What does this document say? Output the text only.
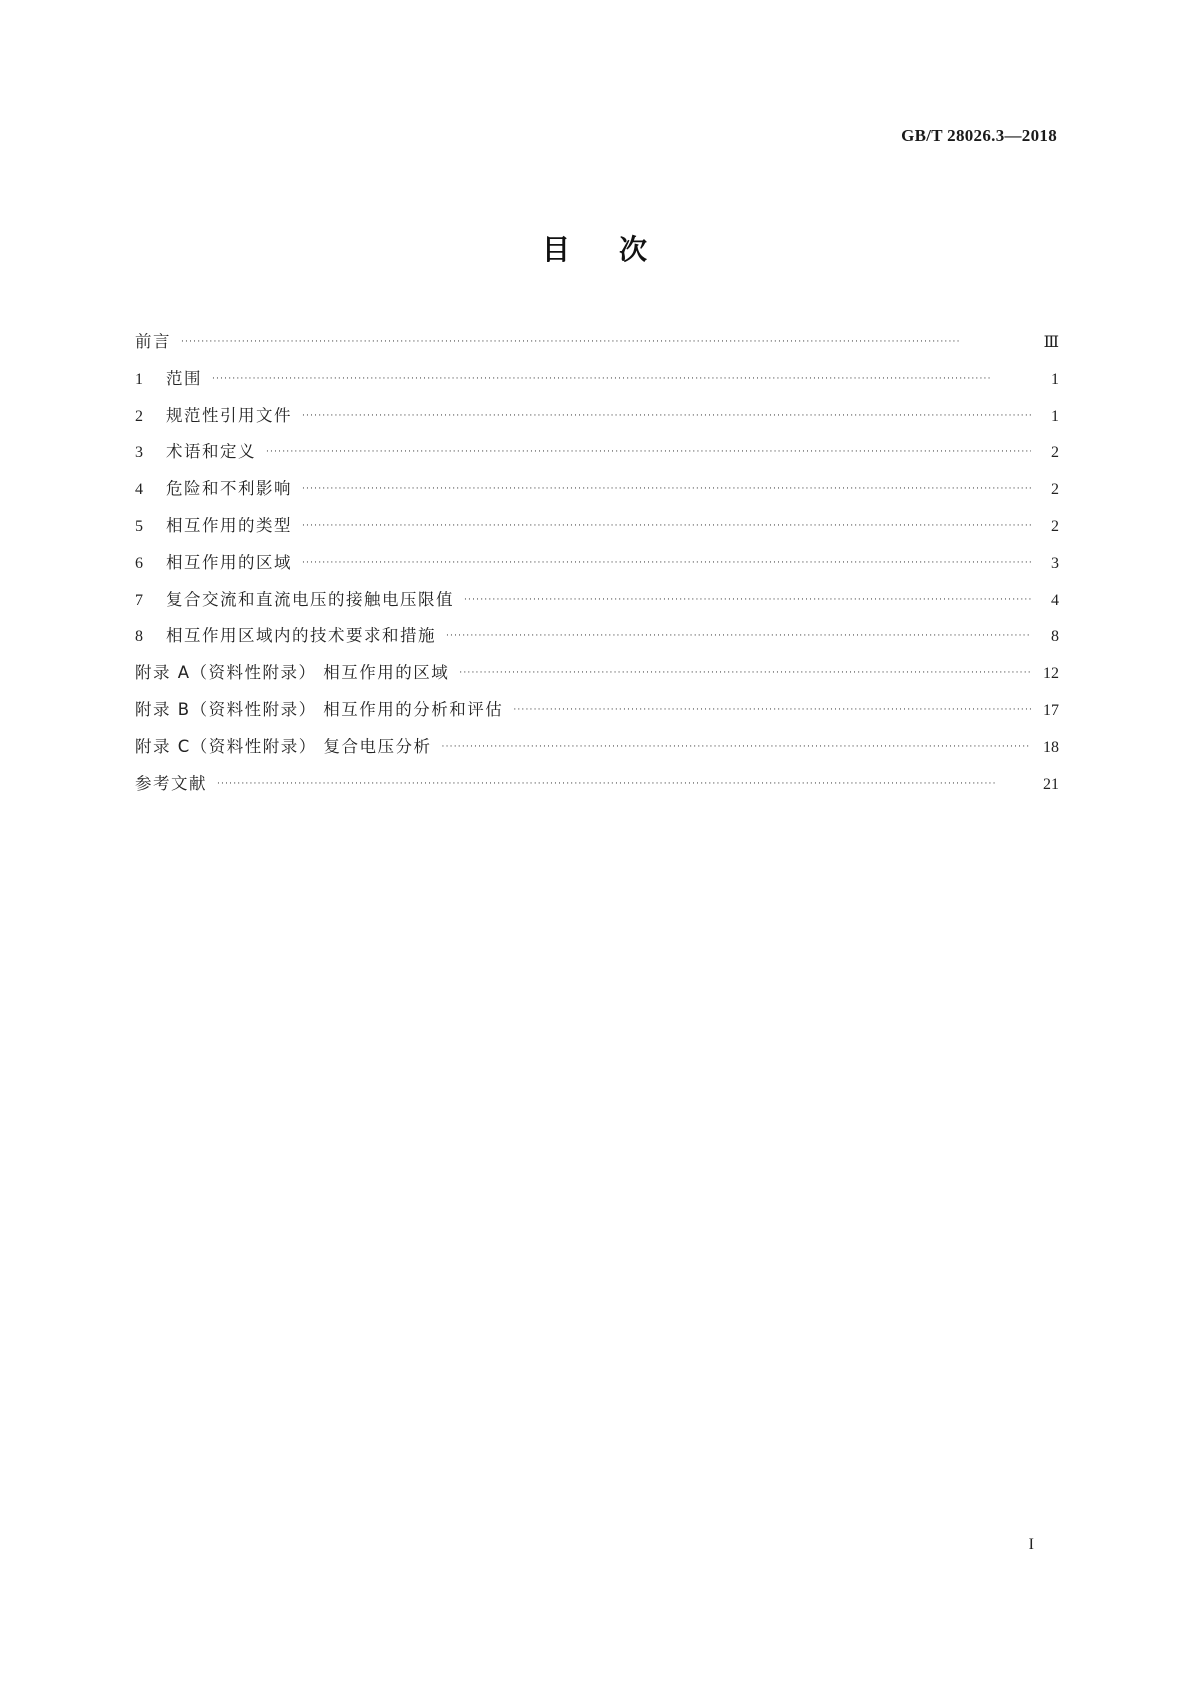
GB/T 28026.3—2018
目    次
前言 ·····	Ⅲ
1	范围 ·····	1
2	规范性引用文件 ·····	1
3	术语和定义 ·····	2
4	危险和不利影响 ·····	2
5	相互作用的类型 ·····	2
6	相互作用的区域 ·····	3
7	复合交流和直流电压的接触电压限值 ·····	4
8	相互作用区域内的技术要求和措施 ·····	8
附录 A（资料性附录） 相互作用的区域 ·····	12
附录 B（资料性附录） 相互作用的分析和评估 ·····	17
附录 C（资料性附录） 复合电压分析 ·····	18
参考文献 ·····	21
I
